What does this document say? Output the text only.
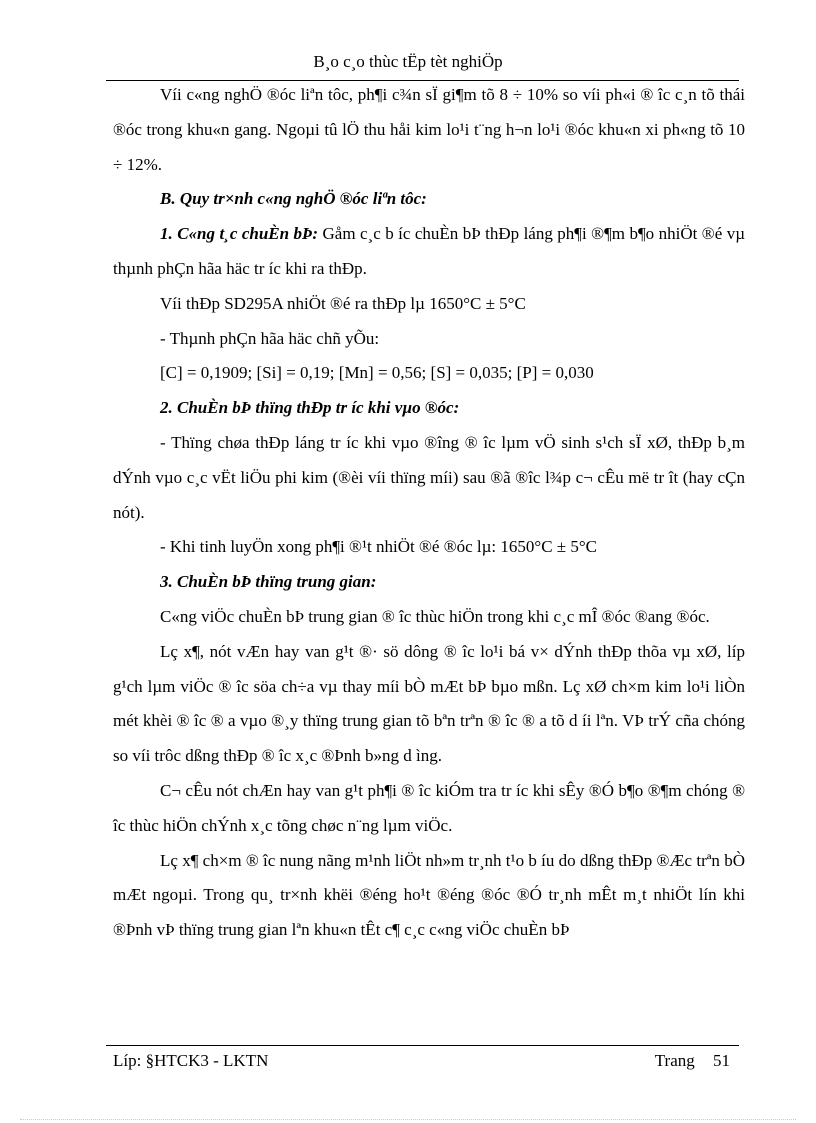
B¸o c¸o thùc tËp tèt nghiÖp

Víi c«ng nghÖ ®óc liªn tôc, ph¶i c¾n sÏ gi¶m tõ 8 ÷ 10% so víi ph«i ® îc c¸n tõ thái ®óc trong khu«n gang. Ngoµi tû lÖ thu håi kim lo¹i t¨ng h¬n lo¹i ®óc khu«n xi ph«ng tõ 10 ÷ 12%.

B. Quy tr×nh c«ng nghÖ ®óc liªn tôc:

1. C«ng t¸c chuÈn bÞ: Gåm c¸c b íc chuÈn bÞ thÐp láng ph¶i ®¶m b¶o nhiÖt ®é vµ thµnh phÇn hãa häc tr íc khi ra thÐp.

Víi thÐp SD295A nhiÖt ®é ra thÐp lµ 1650°C ± 5°C

- Thµnh phÇn hãa häc chñ yÕu:

[C] = 0,1909; [Si] = 0,19; [Mn] = 0,56; [S] = 0,035; [P] = 0,030

2. ChuÈn bÞ thïng thÐp tr íc khi vµo ®óc:

- Thïng chøa thÐp láng tr íc khi vµo ®îng ® îc lµm vÖ sinh s¹ch sÏ xØ, thÐp b¸m dÝnh vµo c¸c vËt liÖu phi kim (®èi víi thïng míi) sau ®ã ®îc l¾p c¬ cÊu më tr ît (hay cÇn nót).

- Khi tinh luyÖn xong ph¶i ®¹t nhiÖt ®é ®óc lµ: 1650°C ± 5°C

3. ChuÈn bÞ thïng trung gian:

C«ng viÖc chuÈn bÞ trung gian ® îc thùc hiÖn trong khi c¸c mÎ ®óc ®ang ®óc.

Lç x¶, nót vÆn hay van g¹t ®· sö dông ® îc lo¹i bá v× dÝnh thÐp thõa vµ xØ, líp g¹ch lµm viÖc ® îc söa ch÷a vµ thay míi bÒ mÆt bÞ bµo mßn. Lç xØ ch×m kim lo¹i liÒn mét khèi ® îc ® a vµo ®¸y thïng trung gian tõ bªn trªn ® îc ® a tõ d íi lªn. VÞ trÝ cña chóng so víi trôc dßng thÐp ® îc x¸c ®Þnh b»ng d ìng.

C¬ cÊu nót chÆn hay van g¹t ph¶i ® îc kiÓm tra tr íc khi sÊy ®Ó b¶o ®¶m chóng ® îc thùc hiÖn chÝnh x¸c tõng chøc n¨ng lµm viÖc.

Lç x¶ ch×m ® îc nung nãng m¹nh liÖt nh»m tr¸nh t¹o b íu do dßng thÐp ®Æc trªn bÒ mÆt ngoµi. Trong qu¸ tr×nh khëi ®éng ho¹t ®éng ®óc ®Ó tr¸nh mÊt m¸t nhiÖt lín khi ®Þnh vÞ thïng trung gian lªn khu«n tÊt c¶ c¸c c«ng viÖc chuÈn bÞ

Líp: §HTCK3 - LKTN	Trang 51
